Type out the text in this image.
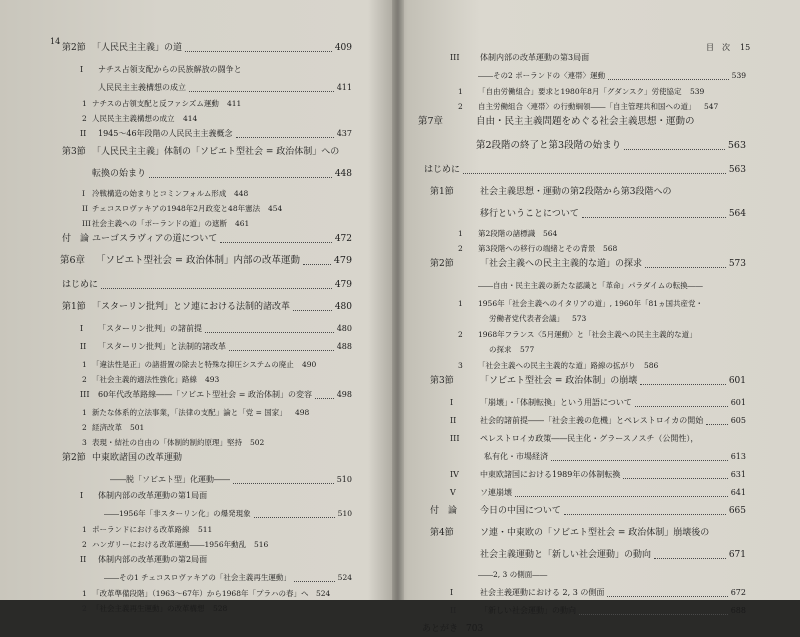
14
第2節 「人民民主主義」の道	409
I ナチス占領支配からの民族解放の闘争と
人民民主主義構想の成立	411
1 ナチスの占領支配と反ファシズム運動 411
2 人民民主主義構想の成立 414
II 1945～46年段階の人民民主主義概念	437
第3節 「人民民主主義」体制の「ソビエト型社会 = 政治体制」への
転換の始まり	448
I 冷戦構造の始まりとコミンフォルム形成 448
II チェコスロヴァキアの1948年2月政変と48年憲法 454
III 社会主義への「ポーランドの道」の遮断 461
付　論 ユーゴスラヴィアの道について	472
第6章 「ソビエト型社会 = 政治体制」内部の改革運動	479
はじめに	479
第1節 「スターリン批判」とソ連における法制的諸改革	480
I 「スターリン批判」の諸前提	480
II 「スターリン批判」と法制的諸改革	488
1 「違法性是正」の諸措置の除去と特殊な抑圧システムの廃止 490
2 「社会主義的適法性強化」路線 493
III 60年代改革路線――「ソビエト型社会 = 政治体制」の変容	498
1 新たな体系的立法事業，「法律の支配」論と「党 = 国家」 498
2 経済改革 501
3 表現・結社の自由の「体制的制約原理」堅持 502
第2節 中東欧諸国の改革運動
――脱「ソビエト型」化運動――	510
I 体制内部の改革運動の第1局面
――1956年「非スターリン化」の爆発現象	510
1 ポーランドにおける改革路線 511
2 ハンガリーにおける改革運動――1956年動乱 516
II 体制内部の改革運動の第2局面
――その1 チェコスロヴァキアの「社会主義再生運動」	524
1 「改革準備段階」（1963～67年）から1968年「プラハの春」へ 524
2 「社会主義再生運動」の改革構想 528
目　次 15
III	体制内部の改革運動の第3局面
――その2 ポーランドの〈連帯〉運動	539
1 「自由労働組合」要求と1980年8月「グダンスク」労使協定 539
2 自主労働組合〈連帯〉の行動綱領――「自主管理共和国への道」 547
第7章	自由・民主主義問題をめぐる社会主義思想・運動の
第2段階の終了と第3段階の始まり	563
はじめに	563
第1節	社会主義思想・運動の第2段階から第3段階への
移行ということについて	564
1 第2段階の諸標識 564
2 第3段階への移行の端緒とその背景 568
第2節	「社会主義への民主主義的な道」の探求	573
――自由・民主主義の新たな認識と「革命」パラダイムの転換――
1 1956年「社会主義へのイタリアの道」, 1960年「81ヵ国共産党・
労働者党代表者会議」 573
2 1968年フランス〈5月運動〉と「社会主義への民主主義的な道」
の探求 577
3 「社会主義への民主主義的な道」路線の拡がり 586
第3節	「ソビエト型社会 = 政治体制」の崩壊	601
I	「崩壊」・「体制転換」という用語について	601
II	社会的諸前提――「社会主義の危機」とペレストロイカの開始	605
III	ペレストロイカ政策――民主化・グラースノスチ（公開性），
私有化・市場経済	613
IV	中東欧諸国における1989年の体制転換	631
V	ソ連崩壊	641
付　論	今日の中国について	665
第4節	ソ連・中東欧の「ソビエト型社会 = 政治体制」崩壊後の
社会主義運動と「新しい社会運動」の動向	671
――2, 3 の側面――
I	社会主義運動における 2, 3 の側面	672
II	「新しい社会運動」の動向	688
あとがき 703
